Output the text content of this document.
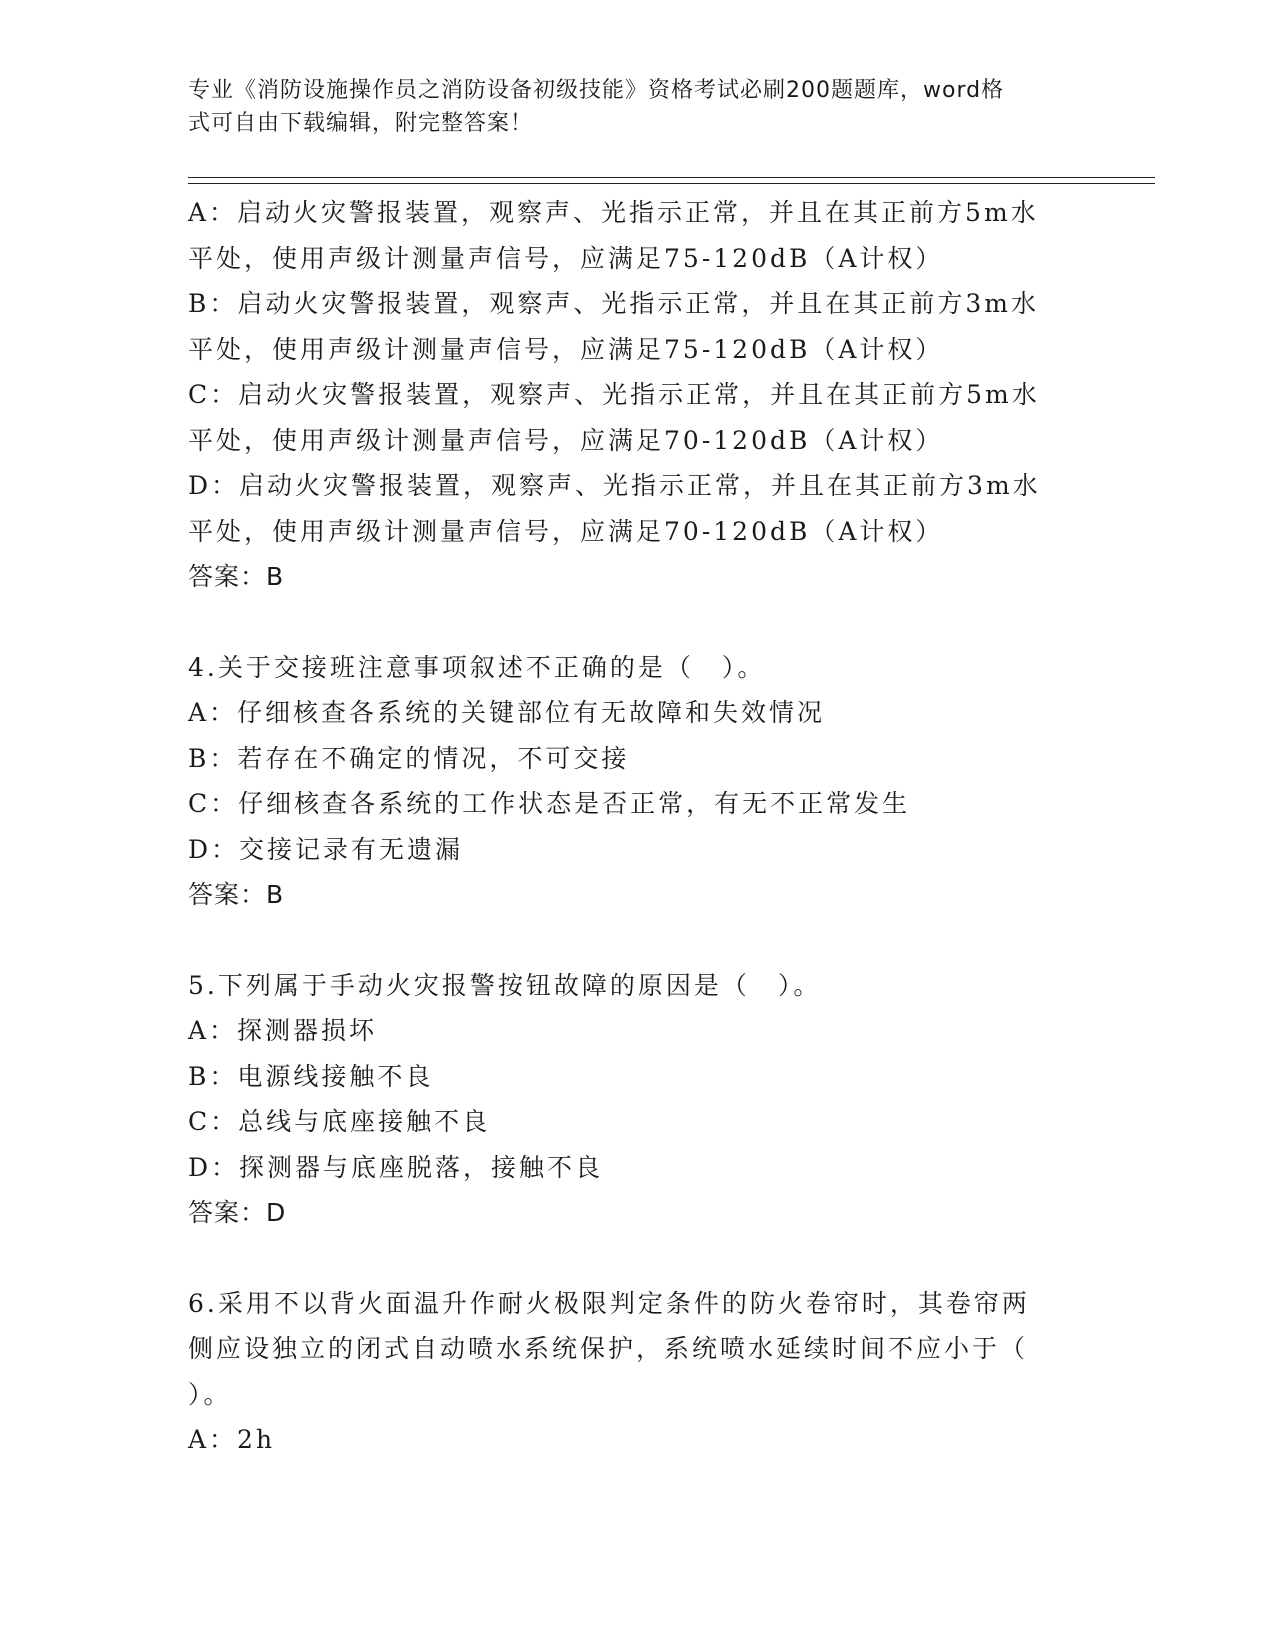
专业《消防设施操作员之消防设备初级技能》资格考试必刷200题题库，word格
式可自由下载编辑，附完整答案！
A：启动火灾警报装置，观察声、光指示正常，并且在其正前方5m水
平处，使用声级计测量声信号，应满足75-120dB（A计权）
B：启动火灾警报装置，观察声、光指示正常，并且在其正前方3m水
平处，使用声级计测量声信号，应满足75-120dB（A计权）
C：启动火灾警报装置，观察声、光指示正常，并且在其正前方5m水
平处，使用声级计测量声信号，应满足70-120dB（A计权）
D：启动火灾警报装置，观察声、光指示正常，并且在其正前方3m水
平处，使用声级计测量声信号，应满足70-120dB（A计权）
答案：B
4.关于交接班注意事项叙述不正确的是（　）。
A：仔细核查各系统的关键部位有无故障和失效情况
B：若存在不确定的情况，不可交接
C：仔细核查各系统的工作状态是否正常，有无不正常发生
D：交接记录有无遗漏
答案：B
5.下列属于手动火灾报警按钮故障的原因是（　）。
A：探测器损坏
B：电源线接触不良
C：总线与底座接触不良
D：探测器与底座脱落，接触不良
答案：D
6.采用不以背火面温升作耐火极限判定条件的防火卷帘时，其卷帘两
侧应设独立的闭式自动喷水系统保护，系统喷水延续时间不应小于（
）。
A：2h
